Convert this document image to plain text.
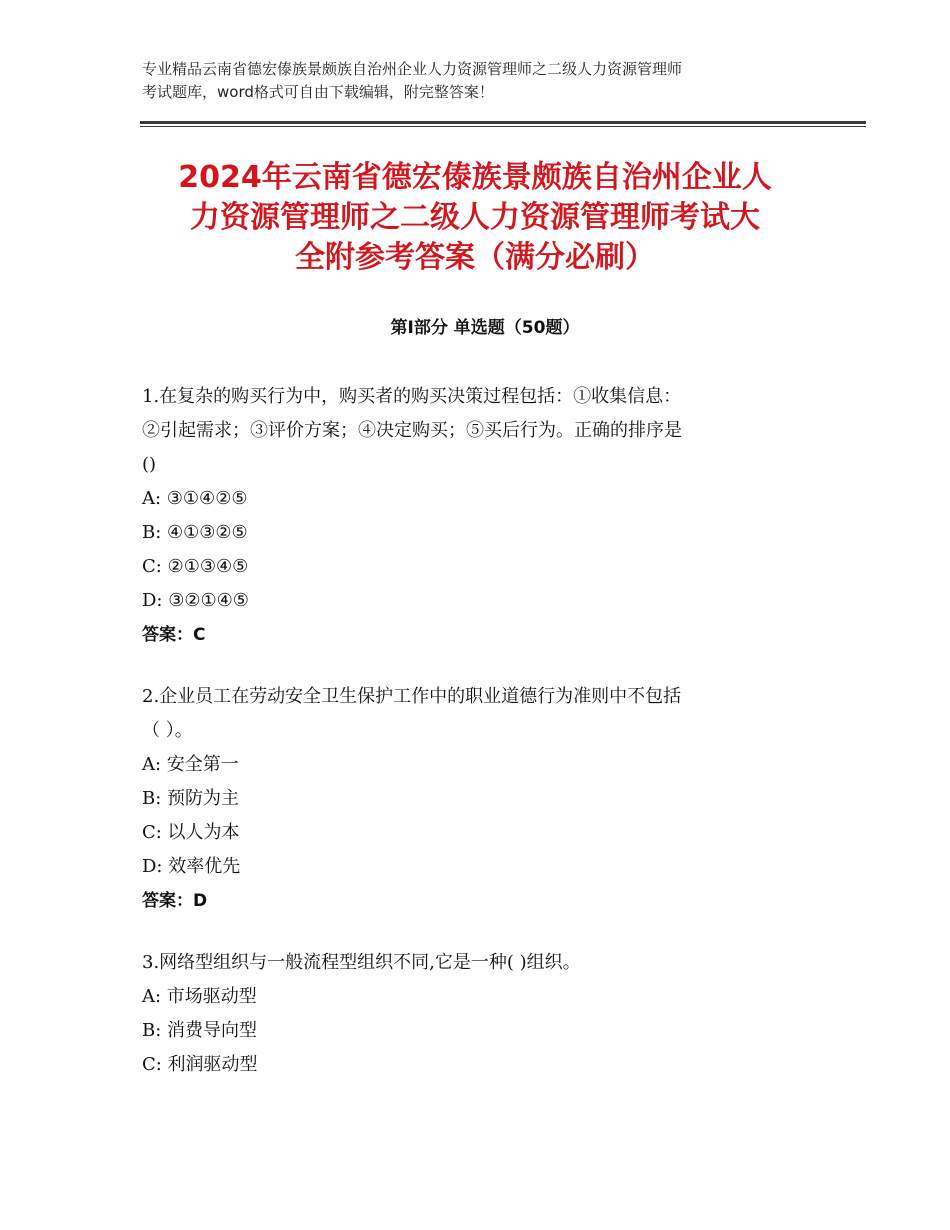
专业精品云南省德宏傣族景颇族自治州企业人力资源管理师之二级人力资源管理师
考试题库，word格式可自由下载编辑，附完整答案！
2024年云南省德宏傣族景颇族自治州企业人
力资源管理师之二级人力资源管理师考试大
全附参考答案（满分必刷）
第Ⅰ部分 单选题（50题）
1.在复杂的购买行为中，购买者的购买决策过程包括：①收集信息：
②引起需求；③评价方案；④决定购买；⑤买后行为。正确的排序是
()
A: ③①④②⑤
B: ④①③②⑤
C: ②①③④⑤
D: ③②①④⑤
答案：C
2.企业员工在劳动安全卫生保护工作中的职业道德行为准则中不包括
（ ）。
A: 安全第一
B: 预防为主
C: 以人为本
D: 效率优先
答案：D
3.网络型组织与一般流程型组织不同,它是一种( )组织。
A: 市场驱动型
B: 消费导向型
C: 利润驱动型
